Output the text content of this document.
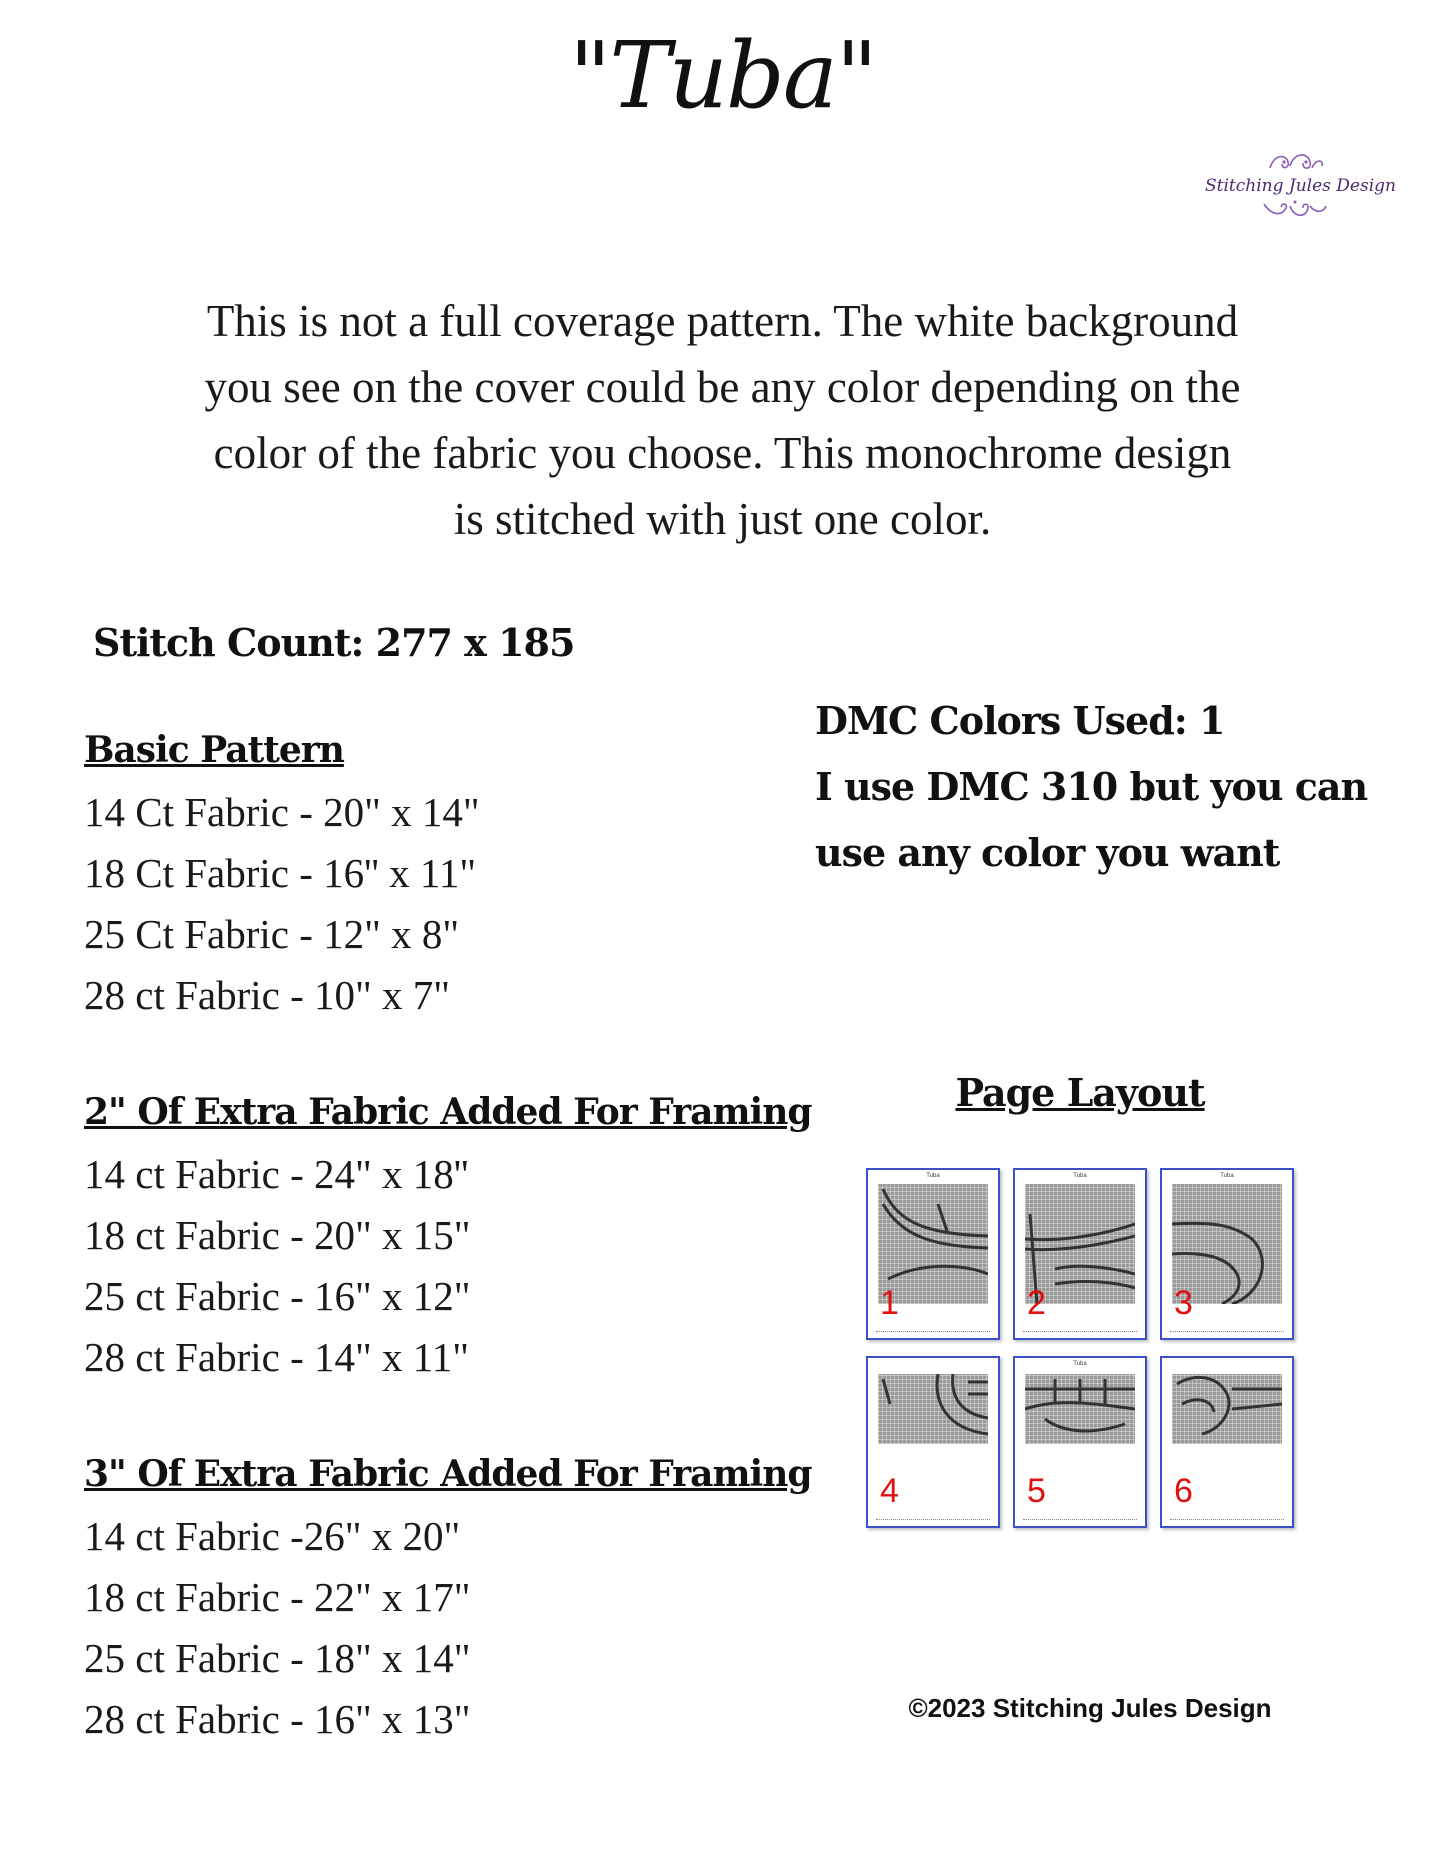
"Tuba"
Stitching Jules Design
This is not a full coverage pattern. The white background
you see on the cover could be any color depending on the
color of the fabric you choose. This monochrome design
is stitched with just one color.
Stitch Count: 277 x 185
DMC Colors Used: 1
I use DMC 310 but you can
use any color you want
Basic Pattern
14 Ct Fabric - 20" x 14"
18 Ct Fabric - 16'' x 11"
25 Ct Fabric - 12" x 8"
28 ct Fabric - 10" x 7"
2" Of Extra Fabric Added For Framing
14 ct Fabric - 24" x 18''
18 ct Fabric - 20" x 15"
25 ct Fabric - 16" x 12"
28 ct Fabric - 14" x 11"
3" Of Extra Fabric Added For Framing
14 ct Fabric -26" x 20"
18 ct Fabric - 22" x 17"
25 ct Fabric - 18" x 14"
28 ct Fabric - 16" x 13"
Page Layout
Tuba
1
Tuba
2
Tuba
3
4
Tuba
5	6
©2023 Stitching Jules Design
